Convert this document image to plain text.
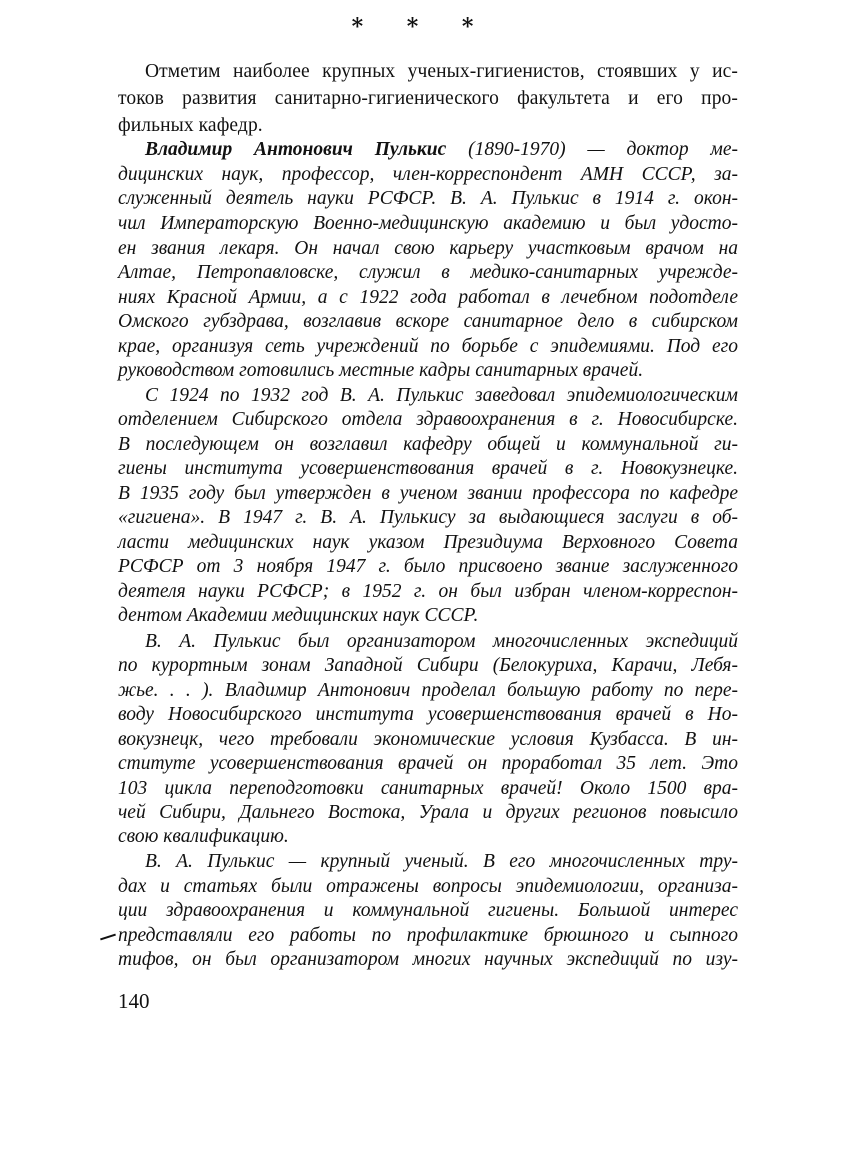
* * *
Отметим наиболее крупных ученых-гигиенистов, стоявших у ис-
токов развития санитарно-гигиенического факультета и его про-
фильных кафедр.
Владимир Антонович Пулькис (1890-1970) — доктор ме-
дицинских наук, профессор, член-корреспондент АМН СССР, за-
служенный деятель науки РСФСР. В. А. Пулькис в 1914 г. окон-
чил Императорскую Военно-медицинскую академию и был удосто-
ен звания лекаря. Он начал свою карьеру участковым врачом на
Алтае, Петропавловске, служил в медико-санитарных учрежде-
ниях Красной Армии, а с 1922 года работал в лечебном подотделе
Омского губздрава, возглавив вскоре санитарное дело в сибирском
крае, организуя сеть учреждений по борьбе с эпидемиями. Под его
руководством готовились местные кадры санитарных врачей.
С 1924 по 1932 год В. А. Пулькис заведовал эпидемиологическим
отделением Сибирского отдела здравоохранения в г. Новосибирске.
В последующем он возглавил кафедру общей и коммунальной ги-
гиены института усовершенствования врачей в г. Новокузнецке.
В 1935 году был утвержден в ученом звании профессора по кафедре
«гигиена». В 1947 г. В. А. Пулькису за выдающиеся заслуги в об-
ласти медицинских наук указом Президиума Верховного Совета
РСФСР от 3 ноября 1947 г. было присвоено звание заслуженного
деятеля науки РСФСР; в 1952 г. он был избран членом-корреспон-
дентом Академии медицинских наук СССР.
В. А. Пулькис был организатором многочисленных экспедиций
по курортным зонам Западной Сибири (Белокуриха, Карачи, Лебя-
жье. . . ). Владимир Антонович проделал большую работу по пере-
воду Новосибирского института усовершенствования врачей в Но-
вокузнецк, чего требовали экономические условия Кузбасса. В ин-
ституте усовершенствования врачей он проработал 35 лет. Это
103 цикла переподготовки санитарных врачей! Около 1500 вра-
чей Сибири, Дальнего Востока, Урала и других регионов повысило
свою квалификацию.
В. А. Пулькис — крупный ученый. В его многочисленных тру-
дах и статьях были отражены вопросы эпидемиологии, организа-
ции здравоохранения и коммунальной гигиены. Большой интерес
представляли его работы по профилактике брюшного и сыпного
тифов, он был организатором многих научных экспедиций по изу-
140
